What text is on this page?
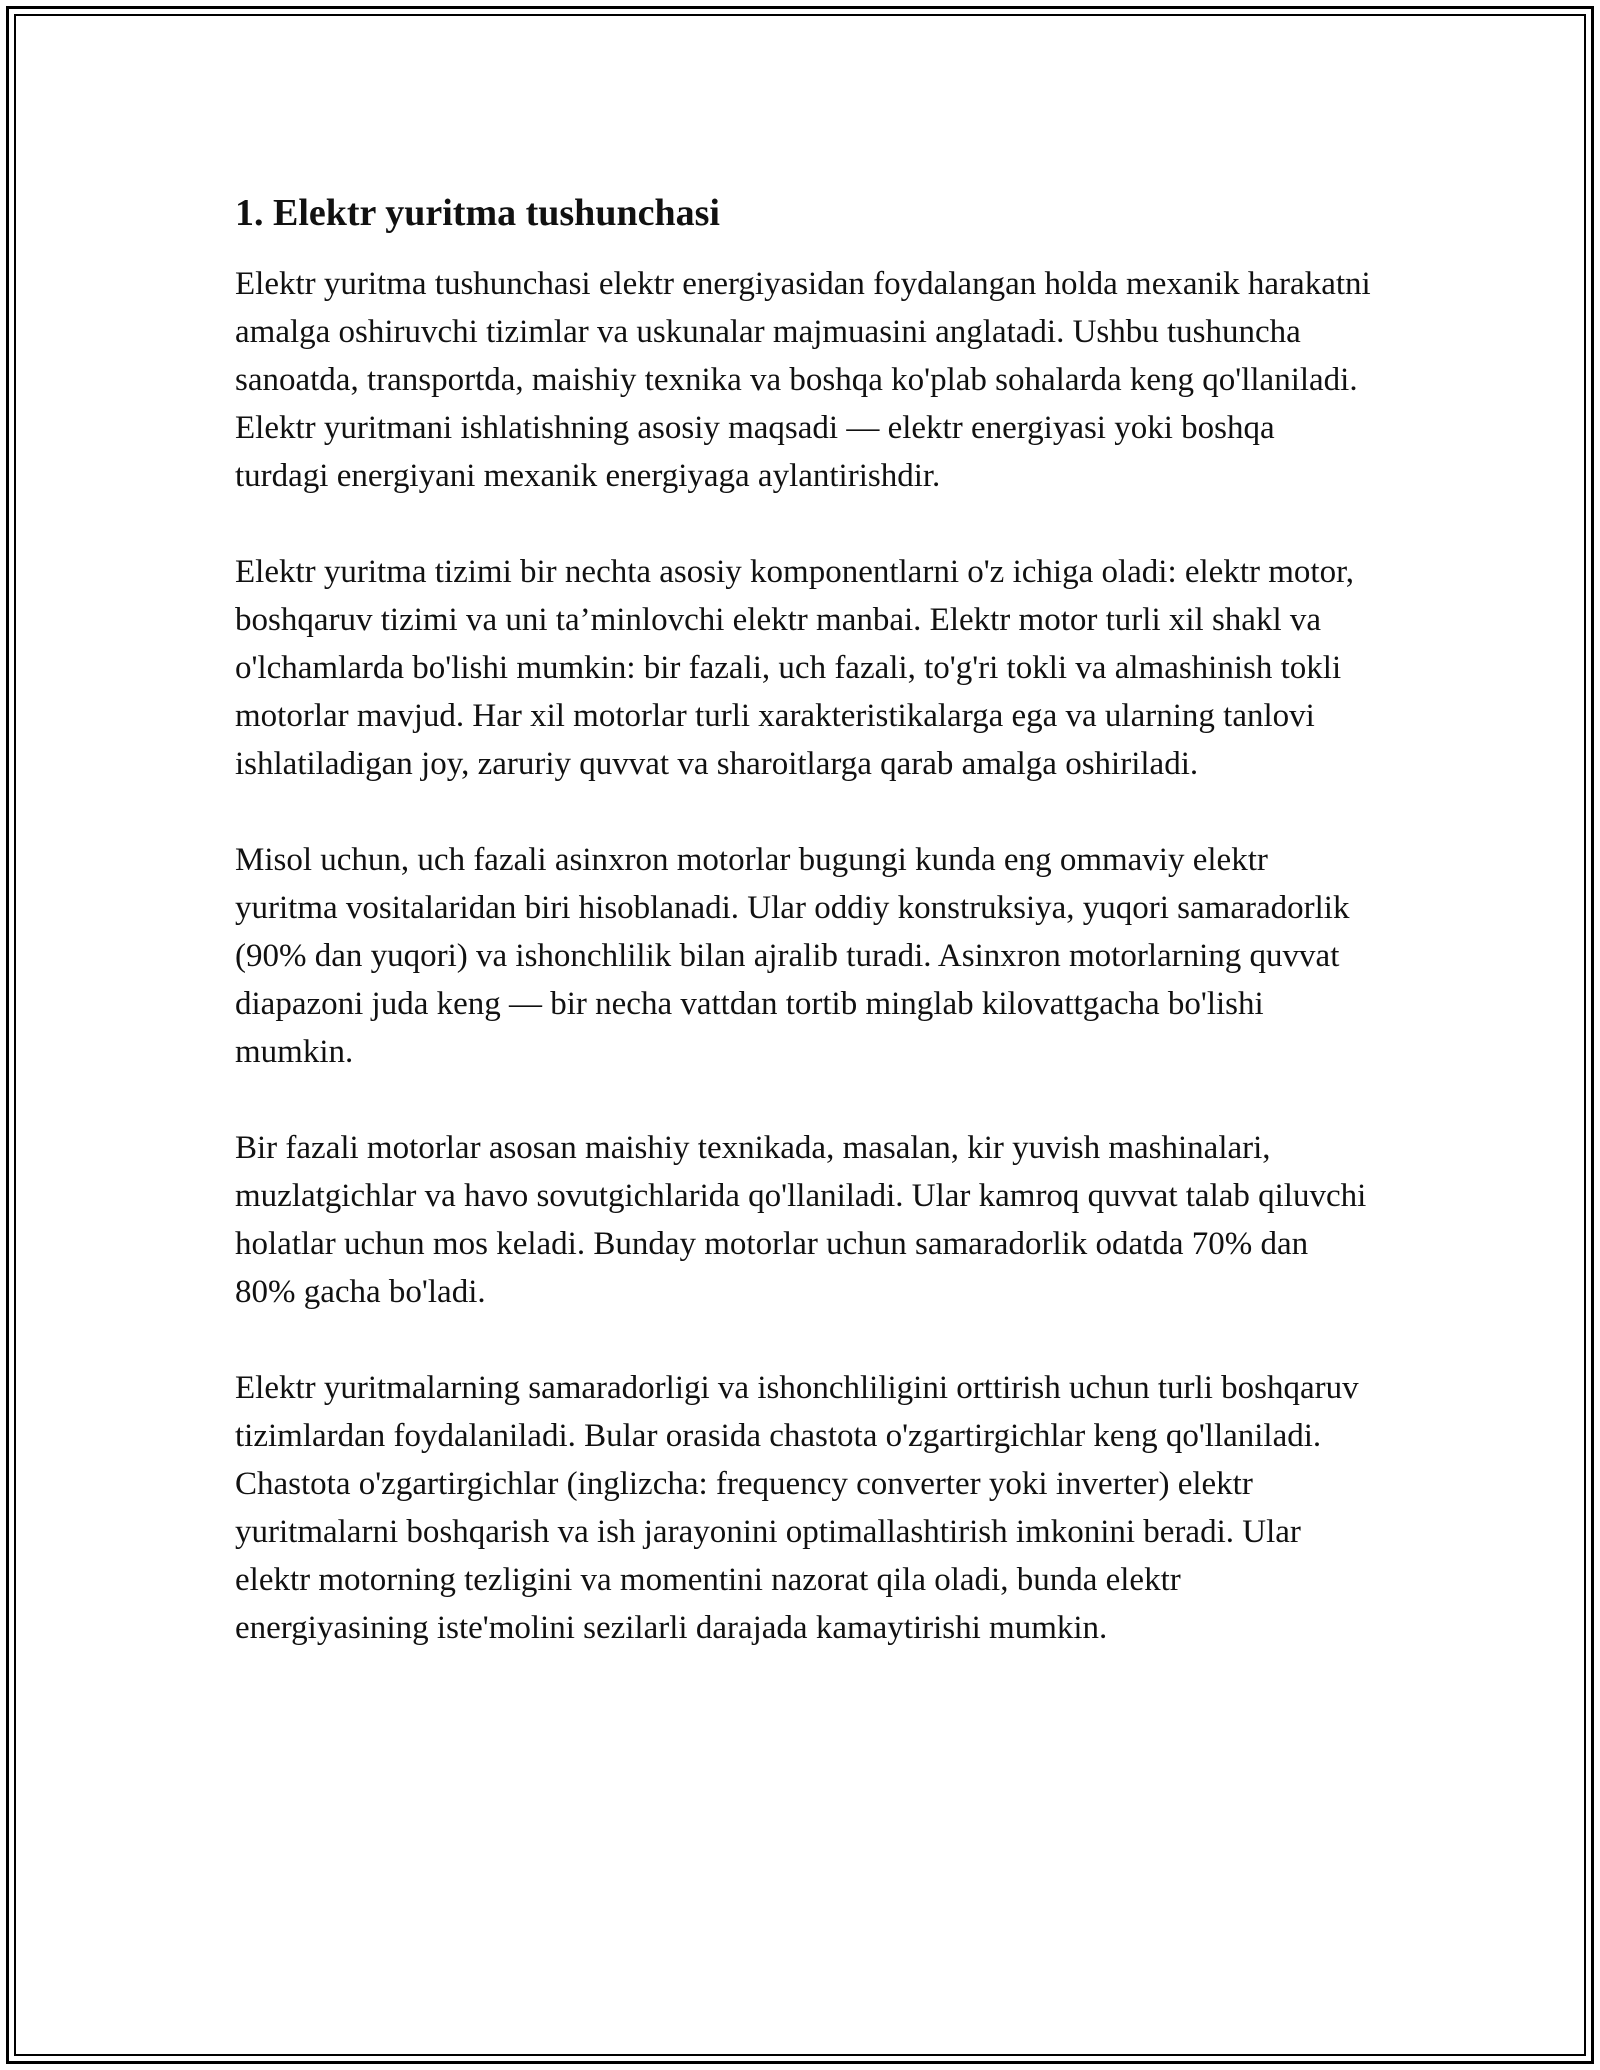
1. Elektr yuritma tushunchasi

Elektr yuritma tushunchasi elektr energiyasidan foydalangan holda mexanik harakatni amalga oshiruvchi tizimlar va uskunalar majmuasini anglatadi. Ushbu tushuncha sanoatda, transportda, maishiy texnika va boshqa ko'plab sohalarda keng qo'llaniladi. Elektr yuritmani ishlatishning asosiy maqsadi — elektr energiyasi yoki boshqa turdagi energiyani mexanik energiyaga aylantirishdir.

Elektr yuritma tizimi bir nechta asosiy komponentlarni o'z ichiga oladi: elektr motor, boshqaruv tizimi va uni ta’minlovchi elektr manbai. Elektr motor turli xil shakl va o'lchamlarda bo'lishi mumkin: bir fazali, uch fazali, to'g'ri tokli va almashinish tokli motorlar mavjud. Har xil motorlar turli xarakteristikalarga ega va ularning tanlovi ishlatiladigan joy, zaruriy quvvat va sharoitlarga qarab amalga oshiriladi.

Misol uchun, uch fazali asinxron motorlar bugungi kunda eng ommaviy elektr yuritma vositalaridan biri hisoblanadi. Ular oddiy konstruksiya, yuqori samaradorlik (90% dan yuqori) va ishonchlilik bilan ajralib turadi. Asinxron motorlarning quvvat diapazoni juda keng — bir necha vattdan tortib minglab kilovattgacha bo'lishi mumkin.

Bir fazali motorlar asosan maishiy texnikada, masalan, kir yuvish mashinalari, muzlatgichlar va havo sovutgichlarida qo'llaniladi. Ular kamroq quvvat talab qiluvchi holatlar uchun mos keladi. Bunday motorlar uchun samaradorlik odatda 70% dan 80% gacha bo'ladi.

Elektr yuritmalarning samaradorligi va ishonchliligini orttirish uchun turli boshqaruv tizimlardan foydalaniladi. Bular orasida chastota o'zgartirgichlar keng qo'llaniladi. Chastota o'zgartirgichlar (inglizcha: frequency converter yoki inverter) elektr yuritmalarni boshqarish va ish jarayonini optimallashtirish imkonini beradi. Ular elektr motorning tezligini va momentini nazorat qila oladi, bunda elektr energiyasining iste'molini sezilarli darajada kamaytirishi mumkin.
